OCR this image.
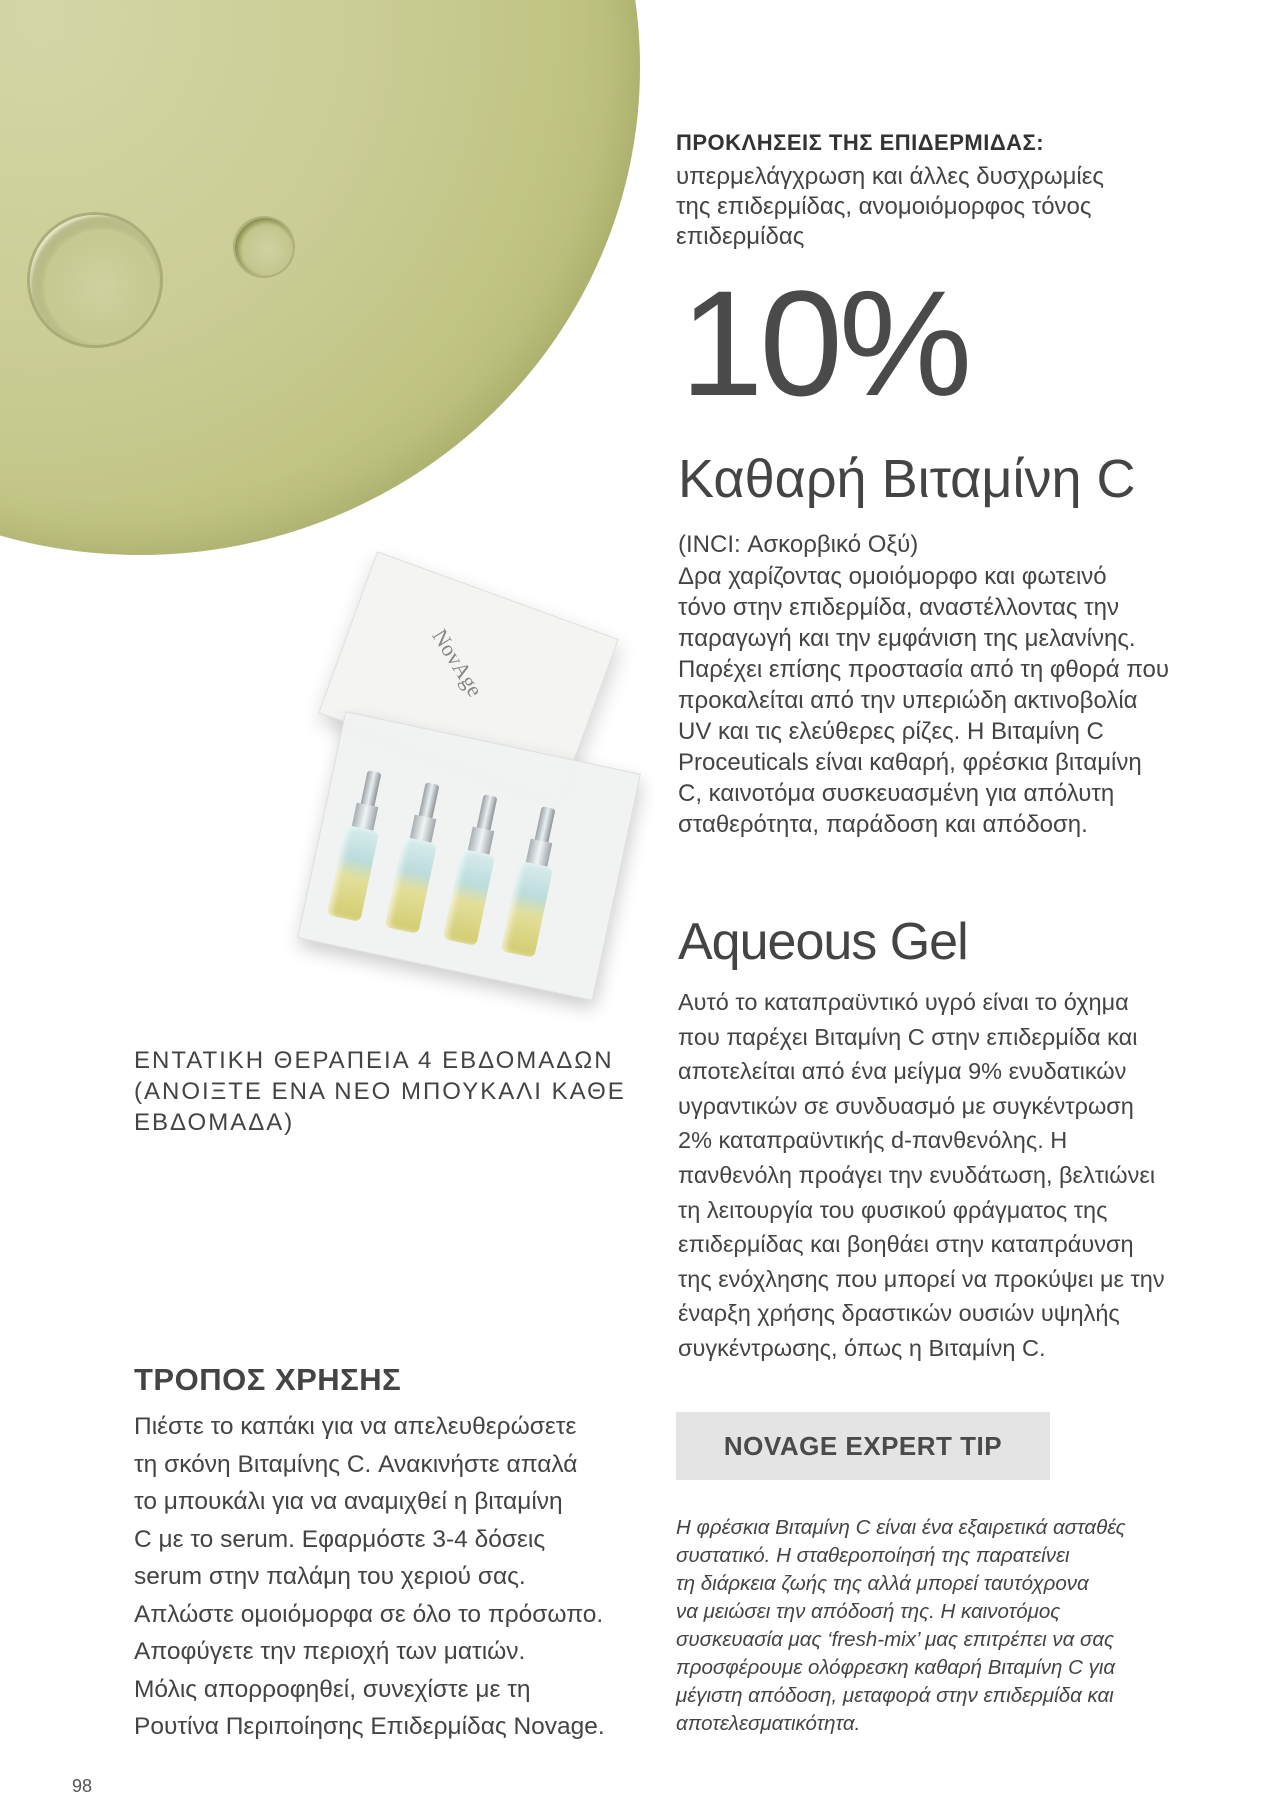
ΠΡΟΚΛΗΣΕΙΣ ΤΗΣ ΕΠΙΔΕΡΜΙΔΑΣ:

υπερμελάγχρωση και άλλες δυσχρωμίες
της επιδερμίδας, ανομοιόμορφος τόνος
επιδερμίδας
10%
Καθαρή Βιταμίνη C
(INCI: Ασκορβικό Οξύ)
Δρα χαρίζοντας ομοιόμορφο και φωτεινό
τόνο στην επιδερμίδα, αναστέλλοντας την
παραγωγή και την εμφάνιση της μελανίνης.
Παρέχει επίσης προστασία από τη φθορά που
προκαλείται από την υπεριώδη ακτινοβολία
UV και τις ελεύθερες ρίζες. Η Βιταμίνη C
Proceuticals είναι καθαρή, φρέσκια βιταμίνη
C, καινοτόμα συσκευασμένη για απόλυτη
σταθερότητα, παράδοση και απόδοση.
Aqueous Gel
Αυτό το καταπραϋντικό υγρό είναι το όχημα
που παρέχει Βιταμίνη C στην επιδερμίδα και
αποτελείται από ένα μείγμα 9% ενυδατικών
υγραντικών σε συνδυασμό με συγκέντρωση
2% καταπραϋντικής d-πανθενόλης. Η
πανθενόλη προάγει την ενυδάτωση, βελτιώνει
τη λειτουργία του φυσικού φράγματος της
επιδερμίδας και βοηθάει στην καταπράυνση
της ενόχλησης που μπορεί να προκύψει με την
έναρξη χρήσης δραστικών ουσιών υψηλής
συγκέντρωσης, όπως η Βιταμίνη C.
NOVAGE EXPERT TIP
Η φρέσκια Βιταμίνη C είναι ένα εξαιρετικά ασταθές
συστατικό. Η σταθεροποίησή της παρατείνει
τη διάρκεια ζωής της αλλά μπορεί ταυτόχρονα
να μειώσει την απόδοσή της. Η καινοτόμος
συσκευασία μας ‘fresh-mix’ μας επιτρέπει να σας
προσφέρουμε ολόφρεσκη καθαρή Βιταμίνη C για
μέγιστη απόδοση, μεταφορά στην επιδερμίδα και
αποτελεσματικότητα.
NovAge
ΕΝΤΑΤΙΚΗ ΘΕΡΑΠΕΙΑ 4 ΕΒΔΟΜΑΔΩΝ
(ΑΝΟΙΞΤΕ ΕΝΑ ΝΕΟ ΜΠΟΥΚΑΛΙ ΚΑΘΕ
ΕΒΔΟΜΑΔΑ)
ΤΡΟΠΟΣ ΧΡΗΣΗΣ
Πιέστε το καπάκι για να απελευθερώσετε
τη σκόνη Βιταμίνης C. Ανακινήστε απαλά
το μπουκάλι για να αναμιχθεί η βιταμίνη
C με το serum. Εφαρμόστε 3-4 δόσεις
serum στην παλάμη του χεριού σας.
Απλώστε ομοιόμορφα σε όλο το πρόσωπο.
Αποφύγετε την περιοχή των ματιών.
Μόλις απορροφηθεί, συνεχίστε με τη
Ρουτίνα Περιποίησης Επιδερμίδας Novage.
98
